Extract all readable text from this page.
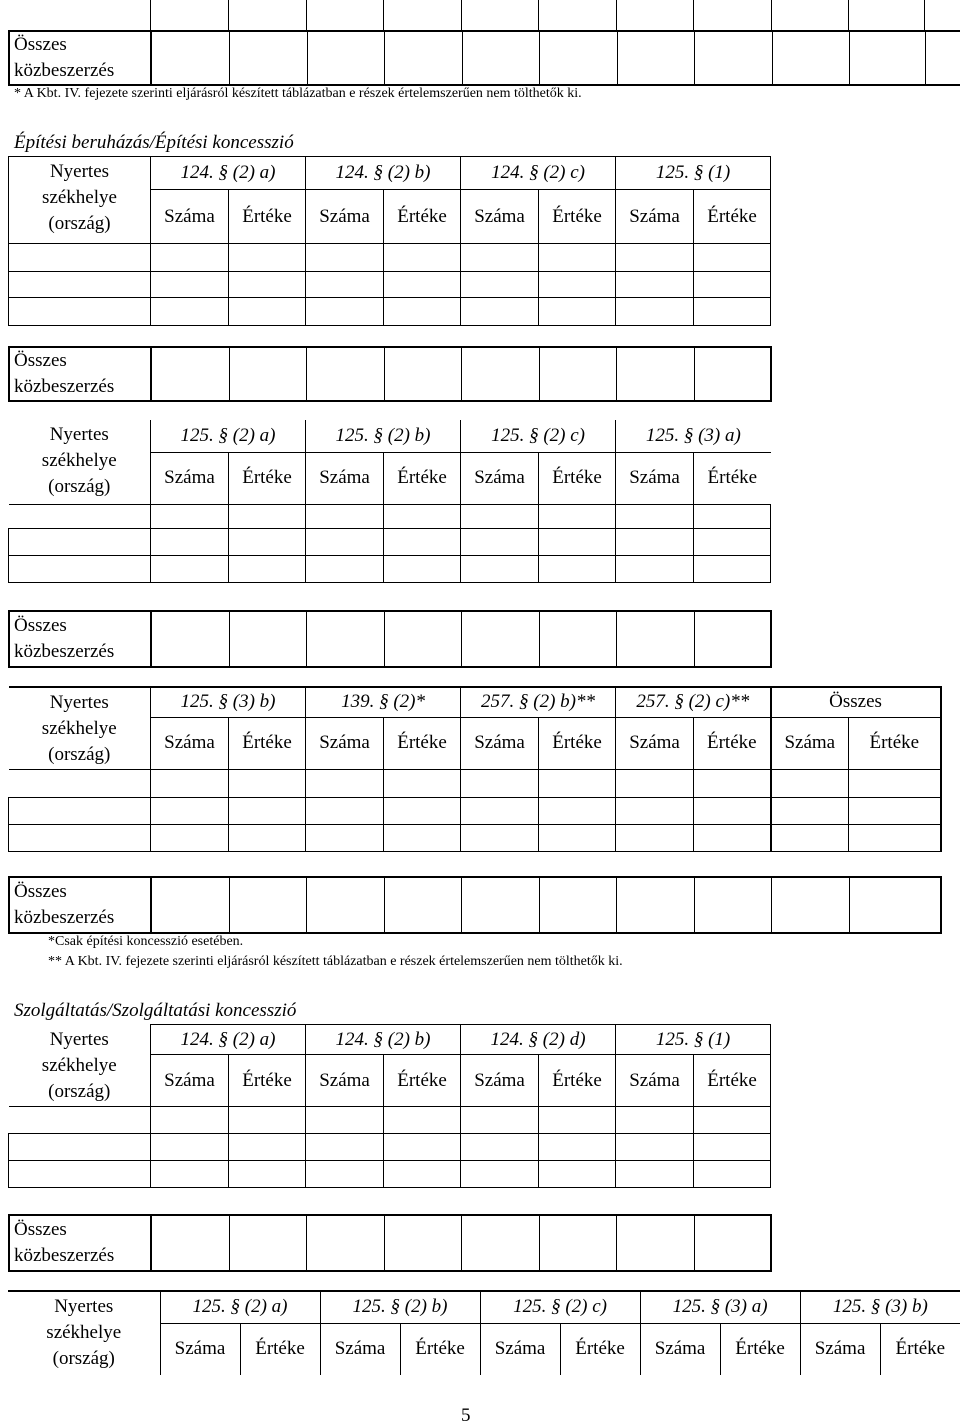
Összes
közbeszerzés											
* A Kbt. IV. fejezete szerinti eljárásról készített táblázatban e részek értelemszerűen nem tölthetők ki.
Építési beruházás/Építési koncesszió
Nyertes
székhelye
(ország)	124. § (2) a)		124. § (2) b)		124. § (2) c)		125. § (1)	
	Száma	Értéke	Száma	Értéke	Száma	Értéke	Száma	Értéke

Összes
közbeszerzés								
Nyertes
székhelye
(ország)	125. § (2) a)		125. § (2) b)		125. § (2) c)		125. § (3) a)	
	Száma	Értéke	Száma	Értéke	Száma	Értéke	Száma	Értéke

Összes
közbeszerzés								
Nyertes
székhelye
(ország)	125. § (3) b)		139. § (2)*		257. § (2) b)**		257. § (2) c)**		Összes	
	Száma	Értéke	Száma	Értéke	Száma	Értéke	Száma	Értéke	Száma	Értéke

Összes
közbeszerzés										
*Csak építési koncesszió esetében.
** A Kbt. IV. fejezete szerinti eljárásról készített táblázatban e részek értelemszerűen nem tölthetők ki.
Szolgáltatás/Szolgáltatási koncesszió
Nyertes
székhelye
(ország)	124. § (2) a)		124. § (2) b)		124. § (2) d)		125. § (1)	
	Száma	Értéke	Száma	Értéke	Száma	Értéke	Száma	Értéke

Összes
közbeszerzés								
Nyertes
székhelye
(ország)	125. § (2) a)		125. § (2) b)		125. § (2) c)		125. § (3) a)		125. § (3) b)	
	Száma	Értéke	Száma	Értéke	Száma	Értéke	Száma	Értéke	Száma	Értéke
5
